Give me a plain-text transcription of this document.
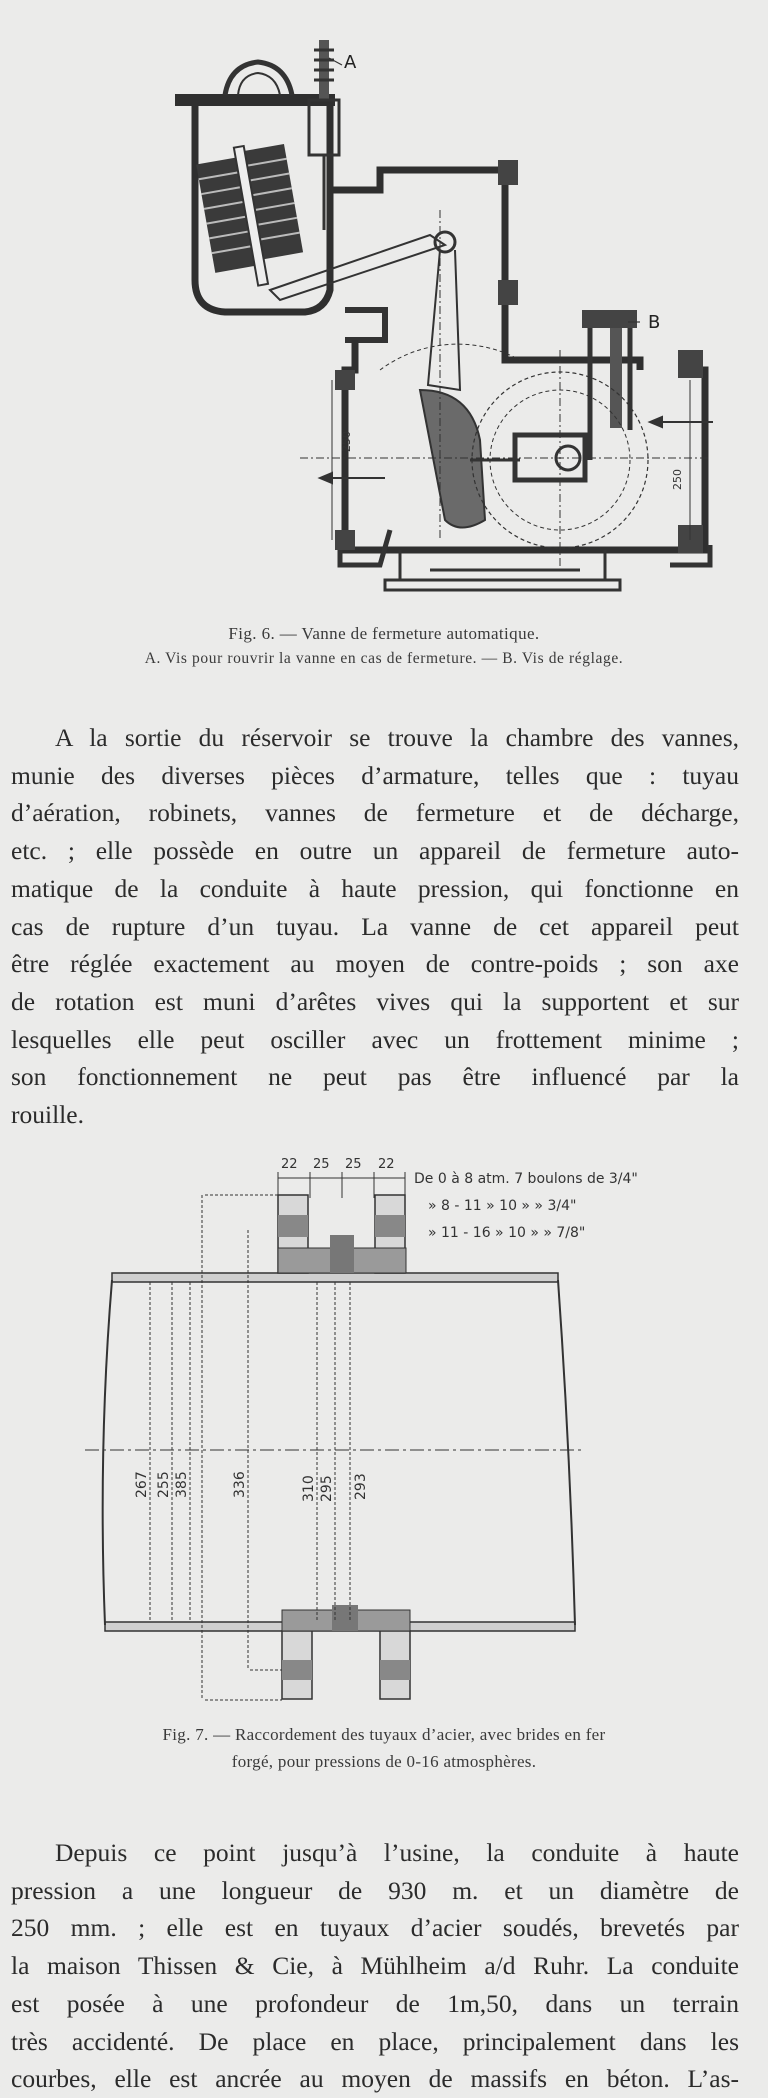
A
B
250
250
Fig. 6. — Vanne de fermeture automatique.
A. Vis pour rouvrir la vanne en cas de fermeture. — B. Vis de réglage.
A la sortie du réservoir se trouve la chambre des vannes,
munie des diverses pièces d’armature, telles que : tuyau
d’aération, robinets, vannes de fermeture et de décharge,
etc. ; elle possède en outre un appareil de fermeture auto-
matique de la conduite à haute pression, qui fonctionne en
cas de rupture d’un tuyau. La vanne de cet appareil peut
être réglée exactement au moyen de contre-poids ; son axe
de rotation est muni d’arêtes vives qui la supportent et sur
lesquelles elle peut osciller avec un frottement minime ;
son fonctionnement ne peut pas être influencé par la
rouille.
22 25 25 22
De 0 à 8 atm. 7 boulons de 3/4"
» 8 - 11 » 10 » » 3/4"
» 11 - 16 » 10 » » 7/8"
267 255 385	336	310 295 293
Fig. 7. — Raccordement des tuyaux d’acier, avec brides en fer
forgé, pour pressions de 0-16 atmosphères.
Depuis ce point jusqu’à l’usine, la conduite à haute
pression a une longueur de 930 m. et un diamètre de
250 mm. ; elle est en tuyaux d’acier soudés, brevetés par
la maison Thissen & Cie, à Mühlheim a/d Ruhr. La conduite
est posée à une profondeur de 1m,50, dans un terrain
très accidenté. De place en place, principalement dans les
courbes, elle est ancrée au moyen de massifs en béton. L’as-
